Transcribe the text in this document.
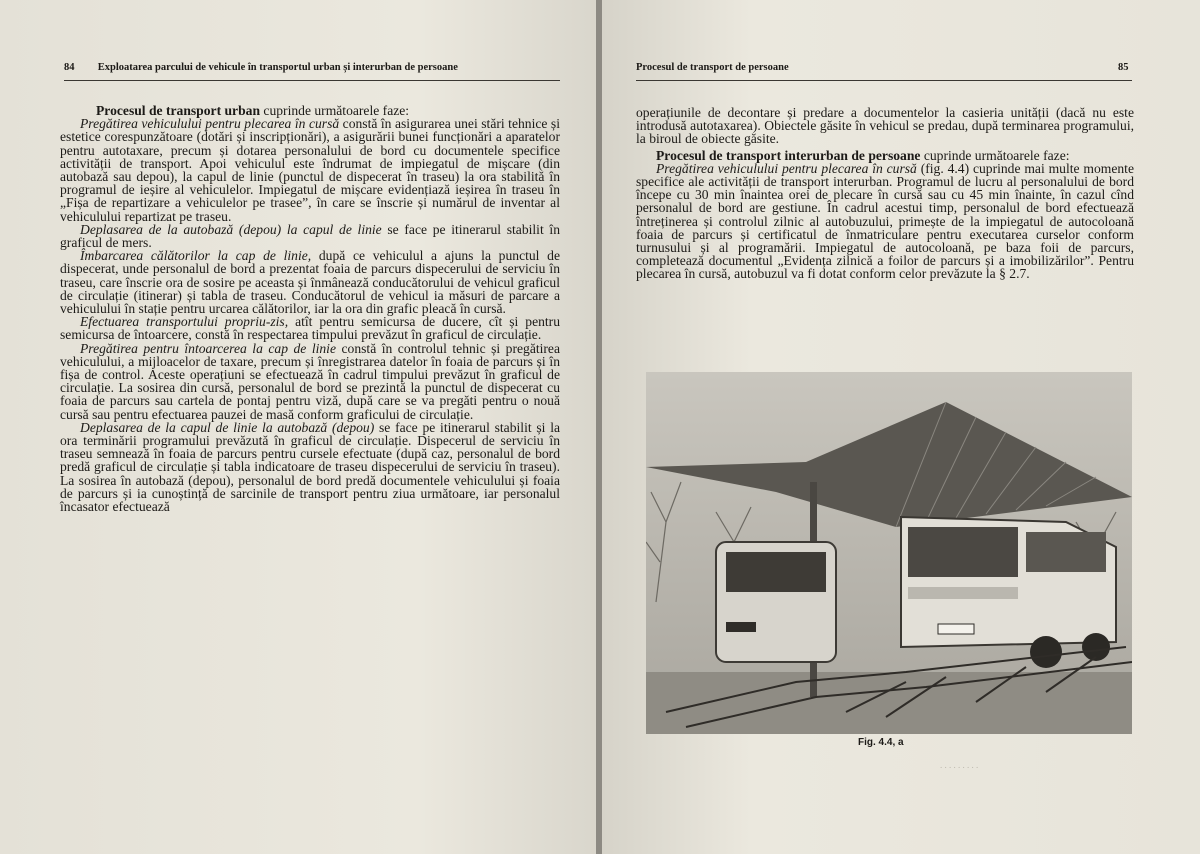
84 Exploatarea parcului de vehicule în transportul urban și interurban de persoane

Procesul de transport urban cuprinde următoarele faze:

Pregătirea vehiculului pentru plecarea în cursă constă în asigurarea unei stări tehnice și estetice corespunzătoare (dotări și inscripționări), a asigurării bunei funcționări a aparatelor pentru autotaxare, precum și dotarea personalului de bord cu documentele specifice activității de transport. Apoi vehiculul este îndrumat de impiegatul de mișcare (din autobază sau depou), la capul de linie (punctul de dispecerat în traseu) la ora stabilită în programul de ieșire al vehiculelor. Impiegatul de mișcare evidențiază ieșirea în traseu în „Fișa de repartizare a vehiculelor pe trasee”, în care se înscrie și numărul de inventar al vehiculului repartizat pe traseu.

Deplasarea de la autobază (depou) la capul de linie se face pe itinerarul stabilit în graficul de mers.

Îmbarcarea călătorilor la cap de linie, după ce vehiculul a ajuns la punctul de dispecerat, unde personalul de bord a prezentat foaia de parcurs dispecerului de serviciu în traseu, care înscrie ora de sosire pe aceasta și înmânează conducătorului de vehicul graficul de circulație (itinerar) și tabla de traseu. Conducătorul de vehicul ia măsuri de parcare a vehiculului în stație pentru urcarea călătorilor, iar la ora din grafic pleacă în cursă.

Efectuarea transportului propriu-zis, atît pentru semicursa de ducere, cît și pentru semicursa de întoarcere, constă în respectarea timpului prevăzut în graficul de circulație.

Pregătirea pentru întoarcerea la cap de linie constă în controlul tehnic și pregătirea vehiculului, a mijloacelor de taxare, precum și înregistrarea datelor în foaia de parcurs și în fișa de control. Aceste operațiuni se efectuează în cadrul timpului prevăzut în graficul de circulație. La sosirea din cursă, personalul de bord se prezintă la punctul de dispecerat cu foaia de parcurs sau cartela de pontaj pentru viză, după care se va pregăti pentru o nouă cursă sau pentru efectuarea pauzei de masă conform graficului de circulație.

Deplasarea de la capul de linie la autobază (depou) se face pe itinerarul stabilit și la ora terminării programului prevăzută în graficul de circulație. Dispecerul de serviciu în traseu semnează în foaia de parcurs pentru cursele efectuate (după caz, personalul de bord predă graficul de circulație și tabla indicatoare de traseu dispecerului de serviciu în traseu). La sosirea în autobază (depou), personalul de bord predă documentele vehiculului și foaia de parcurs și ia cunoștință de sarcinile de transport pentru ziua următoare, iar personalul încasator efectuează

Procesul de transport de persoane	85

operațiunile de decontare și predare a documentelor la casieria unității (dacă nu este introdusă autotaxarea). Obiectele găsite în vehicul se predau, după terminarea programului, la biroul de obiecte găsite.

Procesul de transport interurban de persoane cuprinde următoarele faze:

Pregătirea vehiculului pentru plecarea în cursă (fig. 4.4) cuprinde mai multe momente specifice ale activității de transport interurban. Programul de lucru al personalului de bord începe cu 30 min înaintea orei de plecare în cursă sau cu 45 min înainte, în cazul cînd personalul de bord are gestiune. În cadrul acestui timp, personalul de bord efectuează întreținerea și controlul zilnic al autobuzului, primește de la impiegatul de autocoloană foaia de parcurs și certificatul de înmatriculare pentru executarea curselor conform turnusului și al programării. Impiegatul de autocoloană, pe baza foii de parcurs, completează documentul „Evidența zilnică a foilor de parcurs și a imobilizărilor”. Pentru plecarea în cursă, autobuzul va fi dotat conform celor prevăzute la § 2.7.

Fig. 4.4, a
. . . . . . . . .
